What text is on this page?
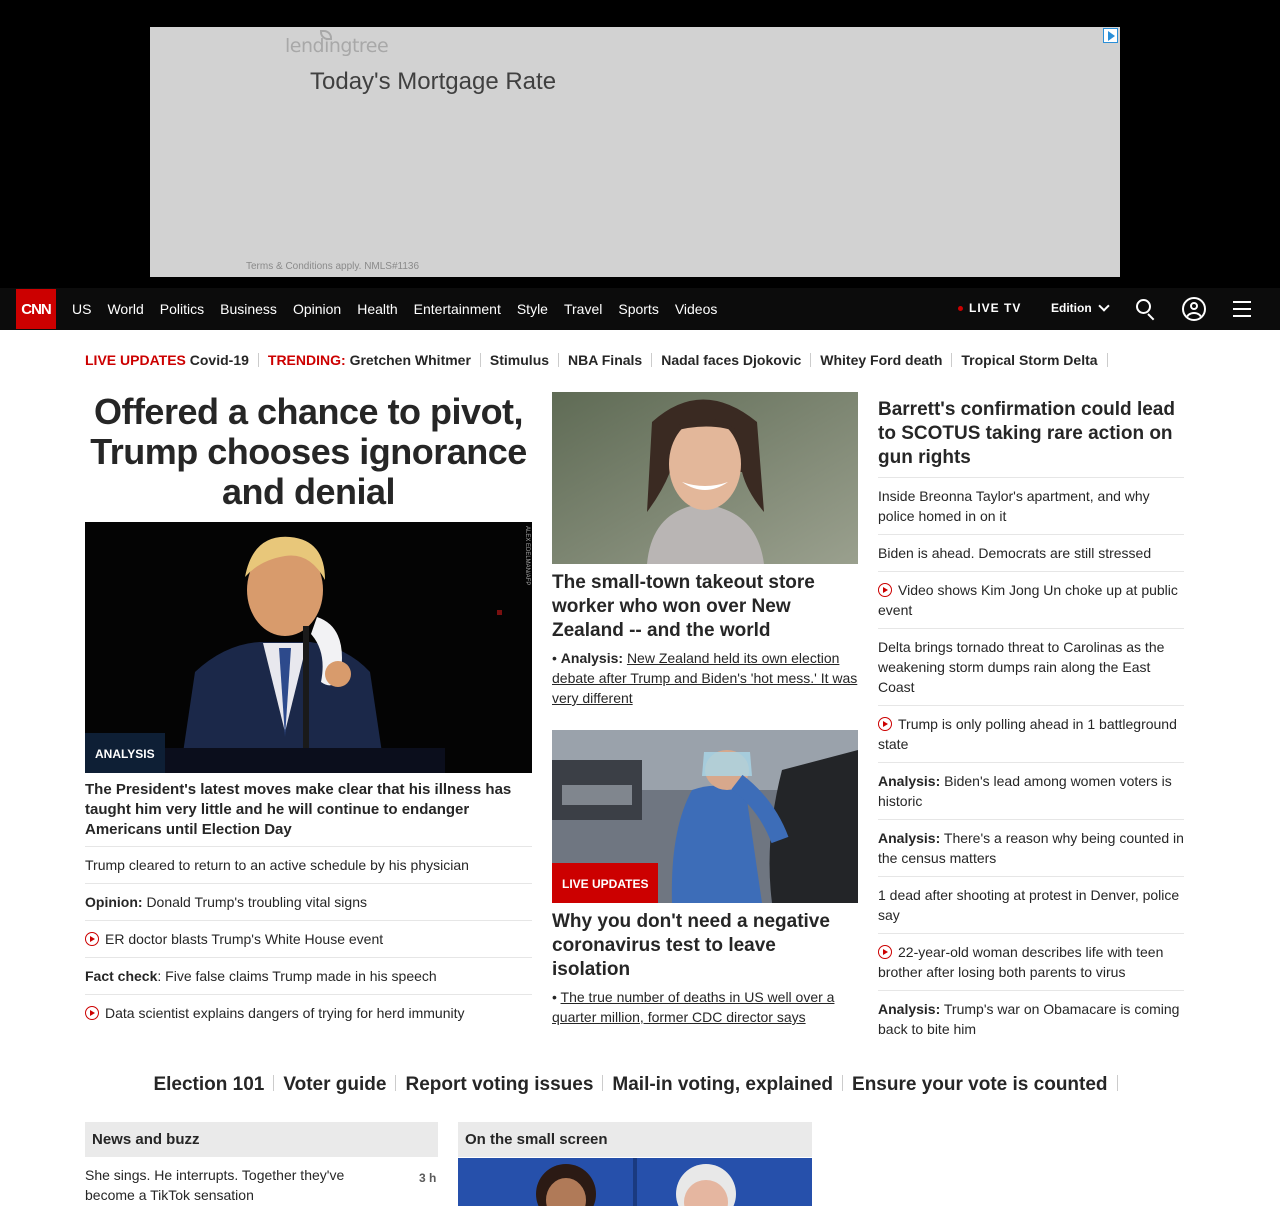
lendingtree
Today's Mortgage Rate
Terms & Conditions apply. NMLS#1136
CNN	US World Politics Business Opinion Health Entertainment Style Travel Sports Videos	LIVE TV Edition
LIVE UPDATES
Covid-19 TRENDING:
Gretchen Whitmer Stimulus NBA Finals Nadal faces Djokovic Whitey Ford death Tropical Storm Delta
Offered a chance to pivot, Trump chooses ignorance and denial
ALEX EDELMAN/AFP
ANALYSIS
The President's latest moves make clear that his illness has taught him very little and he will continue to endanger Americans until Election Day
Trump cleared to return to an active schedule by his physician
Opinion: Donald Trump's troubling vital signs
ER doctor blasts Trump's White House event
Fact check: Five false claims Trump made in his speech
Data scientist explains dangers of trying for herd immunity
The small-town takeout store worker who won over New Zealand -- and the world
• Analysis: New Zealand held its own election debate after Trump and Biden's 'hot mess.' It was very different
LIVE UPDATES
Why you don't need a negative coronavirus test to leave isolation
• The true number of deaths in US well over a quarter million, former CDC director says
Barrett's confirmation could lead to SCOTUS taking rare action on gun rights
Inside Breonna Taylor's apartment, and why police homed in on it
Biden is ahead. Democrats are still stressed
Video shows Kim Jong Un choke up at public event
Delta brings tornado threat to Carolinas as the weakening storm dumps rain along the East Coast
Trump is only polling ahead in 1 battleground state
Analysis: Biden's lead among women voters is historic
Analysis: There's a reason why being counted in the census matters
1 dead after shooting at protest in Denver, police say
22-year-old woman describes life with teen brother after losing both parents to virus
Analysis: Trump's war on Obamacare is coming back to bite him
Election 101 Voter guide Report voting issues Mail-in voting, explained Ensure your vote is counted
News and buzz
She sings. He interrupts. Together they've become a TikTok sensation
3 h
On the small screen
